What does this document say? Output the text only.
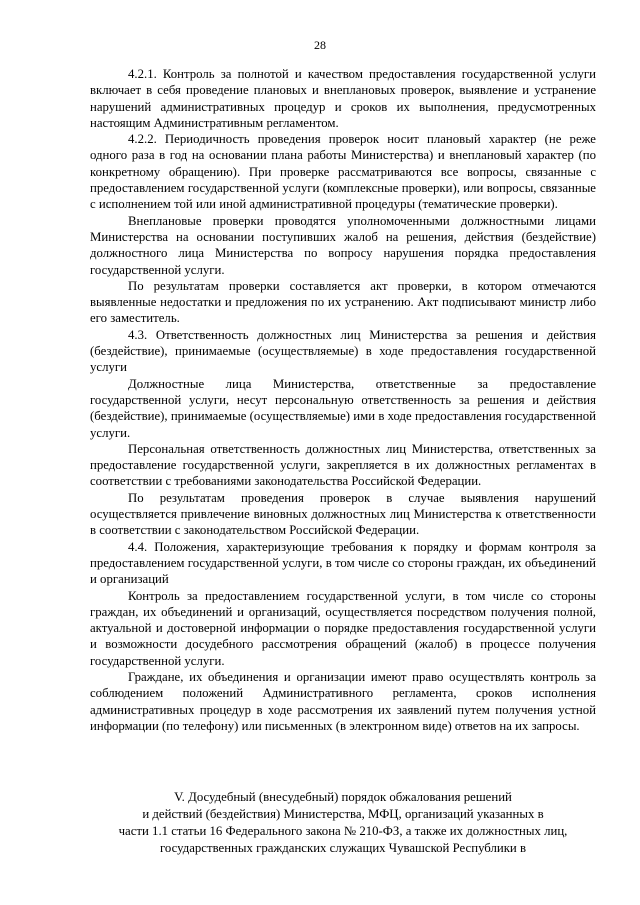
28

4.2.1. Контроль за полнотой и качеством предоставления государственной услуги включает в себя проведение плановых и внеплановых проверок, выявление и устранение нарушений административных процедур и сроков их выполнения, предусмотренных настоящим Административным регламентом.

4.2.2. Периодичность проведения проверок носит плановый характер (не реже одного раза в год на основании плана работы Министерства) и внеплановый характер (по конкретному обращению). При проверке рассматриваются все вопросы, связанные с предоставлением государственной услуги (комплексные проверки), или вопросы, связанные с исполнением той или иной административной процедуры (тематические проверки).

Внеплановые проверки проводятся уполномоченными должностными лицами Министерства на основании поступивших жалоб на решения, действия (бездействие) должностного лица Министерства по вопросу нарушения порядка предоставления государственной услуги.

По результатам проверки составляется акт проверки, в котором отмечаются выявленные недостатки и предложения по их устранению. Акт подписывают министр либо его заместитель.

4.3. Ответственность должностных лиц Министерства за решения и действия (бездействие), принимаемые (осуществляемые) в ходе предоставления государственной услуги

Должностные лица Министерства, ответственные за предоставление государственной услуги, несут персональную ответственность за решения и действия (бездействие), принимаемые (осуществляемые) ими в ходе предоставления государственной услуги.

Персональная ответственность должностных лиц Министерства, ответственных за предоставление государственной услуги, закрепляется в их должностных регламентах в соответствии с требованиями законодательства Российской Федерации.

По результатам проведения проверок в случае выявления нарушений осуществляется привлечение виновных должностных лиц Министерства к ответственности в соответствии с законодательством Российской Федерации.

4.4. Положения, характеризующие требования к порядку и формам контроля за предоставлением государственной услуги, в том числе со стороны граждан, их объединений и организаций

Контроль за предоставлением государственной услуги, в том числе со стороны граждан, их объединений и организаций, осуществляется посредством получения полной, актуальной и достоверной информации о порядке предоставления государственной услуги и возможности досудебного рассмотрения обращений (жалоб) в процессе получения государственной услуги.

Граждане, их объединения и организации имеют право осуществлять контроль за соблюдением положений Административного регламента, сроков исполнения административных процедур в ходе рассмотрения их заявлений путем получения устной информации (по телефону) или письменных (в электронном виде) ответов на их запросы.

V. Досудебный (внесудебный) порядок обжалования решений
и действий (бездействия) Министерства, МФЦ, организаций указанных в
части 1.1 статьи 16 Федерального закона № 210-ФЗ, а также их должностных лиц,
государственных гражданских служащих Чувашской Республики в
